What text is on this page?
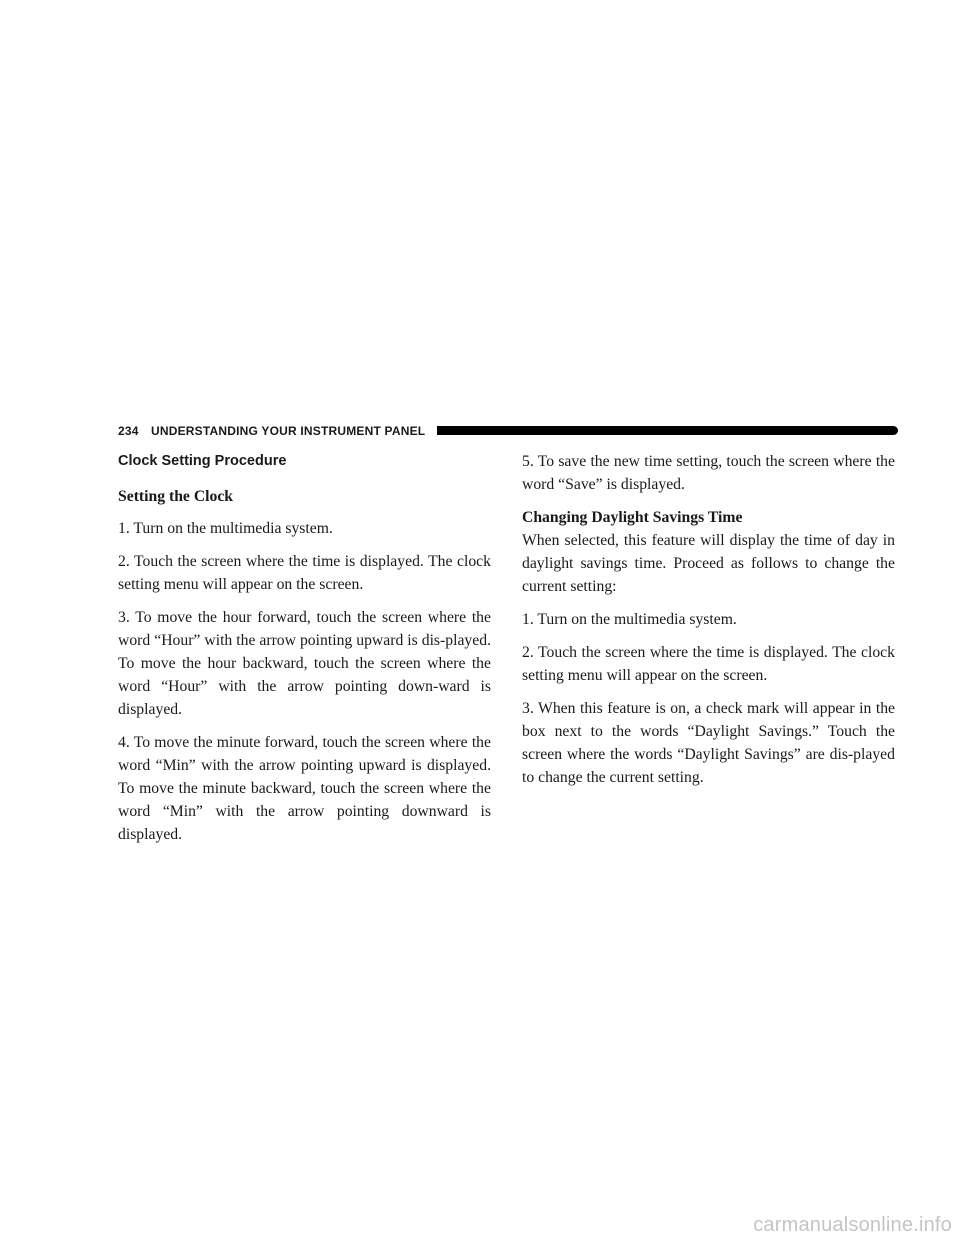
234 UNDERSTANDING YOUR INSTRUMENT PANEL
Clock Setting Procedure
Setting the Clock

1. Turn on the multimedia system.

2. Touch the screen where the time is displayed. The clock setting menu will appear on the screen.

3. To move the hour forward, touch the screen where the word “Hour” with the arrow pointing upward is dis-played. To move the hour backward, touch the screen where the word “Hour” with the arrow pointing down-ward is displayed.

4. To move the minute forward, touch the screen where the word “Min” with the arrow pointing upward is displayed. To move the minute backward, touch the screen where the word “Min” with the arrow pointing downward is displayed.

5. To save the new time setting, touch the screen where the word “Save” is displayed.

Changing Daylight Savings Time

When selected, this feature will display the time of day in daylight savings time. Proceed as follows to change the current setting:

1. Turn on the multimedia system.

2. Touch the screen where the time is displayed. The clock setting menu will appear on the screen.

3. When this feature is on, a check mark will appear in the box next to the words “Daylight Savings.” Touch the screen where the words “Daylight Savings” are dis-played to change the current setting.

carmanualsonline.info
